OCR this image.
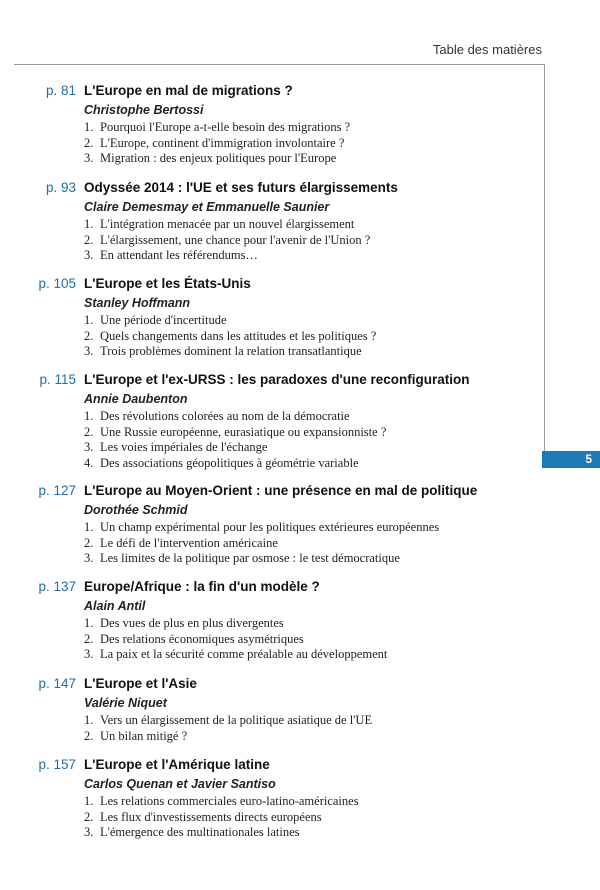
Table des matières
5
p. 81 L'Europe en mal de migrations ?
Christophe Bertossi
1. Pourquoi l'Europe a-t-elle besoin des migrations ?
2. L'Europe, continent d'immigration involontaire ?
3. Migration : des enjeux politiques pour l'Europe
p. 93 Odyssée 2014 : l'UE et ses futurs élargissements
Claire Demesmay et Emmanuelle Saunier
1. L'intégration menacée par un nouvel élargissement
2. L'élargissement, une chance pour l'avenir de l'Union ?
3. En attendant les référendums…
p. 105 L'Europe et les États-Unis
Stanley Hoffmann
1. Une période d'incertitude
2. Quels changements dans les attitudes et les politiques ?
3. Trois problèmes dominent la relation transatlantique
p. 115 L'Europe et l'ex-URSS : les paradoxes d'une reconfiguration
Annie Daubenton
1. Des révolutions colorées au nom de la démocratie
2. Une Russie européenne, eurasiatique ou expansionniste ?
3. Les voies impériales de l'échange
4. Des associations géopolitiques à géométrie variable
p. 127 L'Europe au Moyen-Orient : une présence en mal de politique
Dorothée Schmid
1. Un champ expérimental pour les politiques extérieures européennes
2. Le défi de l'intervention américaine
3. Les limites de la politique par osmose : le test démocratique
p. 137 Europe/Afrique : la fin d'un modèle ?
Alain Antil
1. Des vues de plus en plus divergentes
2. Des relations économiques asymétriques
3. La paix et la sécurité comme préalable au développement
p. 147 L'Europe et l'Asie
Valérie Niquet
1. Vers un élargissement de la politique asiatique de l'UE
2. Un bilan mitigé ?
p. 157 L'Europe et l'Amérique latine
Carlos Quenan et Javier Santiso
1. Les relations commerciales euro-latino-américaines
2. Les flux d'investissements directs européens
3. L'émergence des multinationales latines
